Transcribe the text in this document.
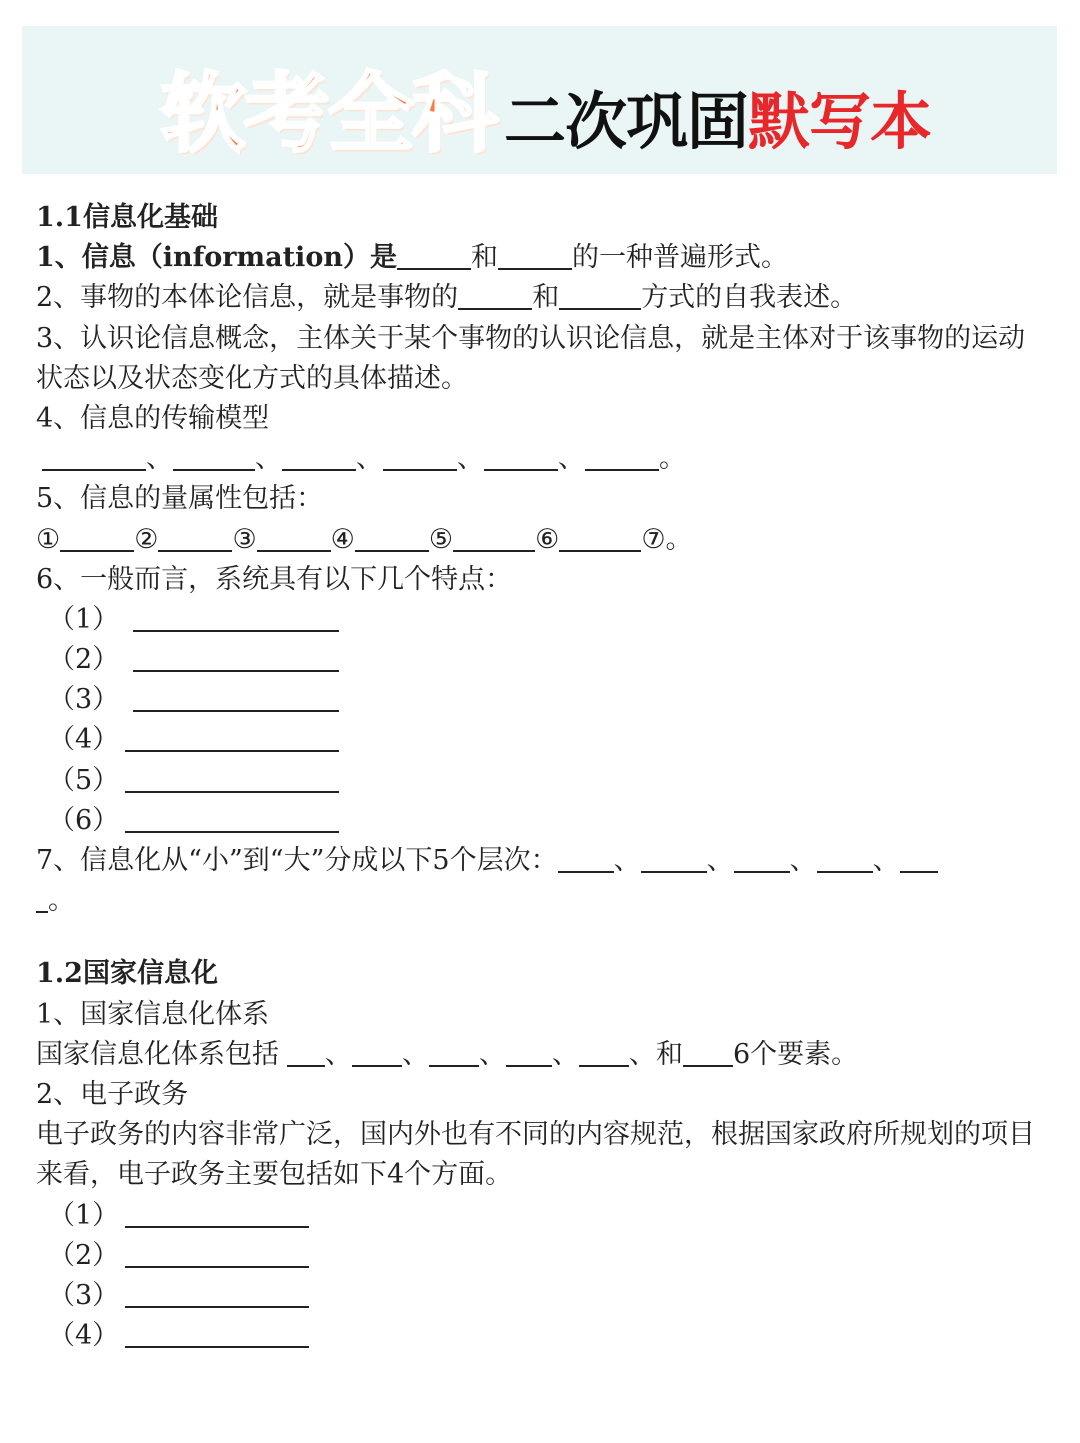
软考全科 二次巩固 默写本
1.1信息化基础
1、信息（information）是	和	的一种普遍形式。
2、事物的本体论信息，就是事物的	和	方式的自我表述。
3、认识论信息概念，主体关于某个事物的认识论信息，就是主体对于该事物的运动状态以及状态变化方式的具体描述。
4、信息的传输模型
、	、	、	、	、	。
5、信息的量属性包括：
①	②	③	④	⑤	⑥	⑦。
6、一般而言，系统具有以下几个特点：
（1）
（2）
（3）
（4）
（5）
（6）
7、信息化从“小”到“大”分成以下5个层次： 、 、 、 、
。
1.2国家信息化
1、国家信息化体系
国家信息化体系包括 、 、 、 、 、和 6个要素。
2、电子政务
电子政务的内容非常广泛，国内外也有不同的内容规范，根据国家政府所规划的项目来看，电子政务主要包括如下4个方面。
（1）
（2）
（3）
（4）
